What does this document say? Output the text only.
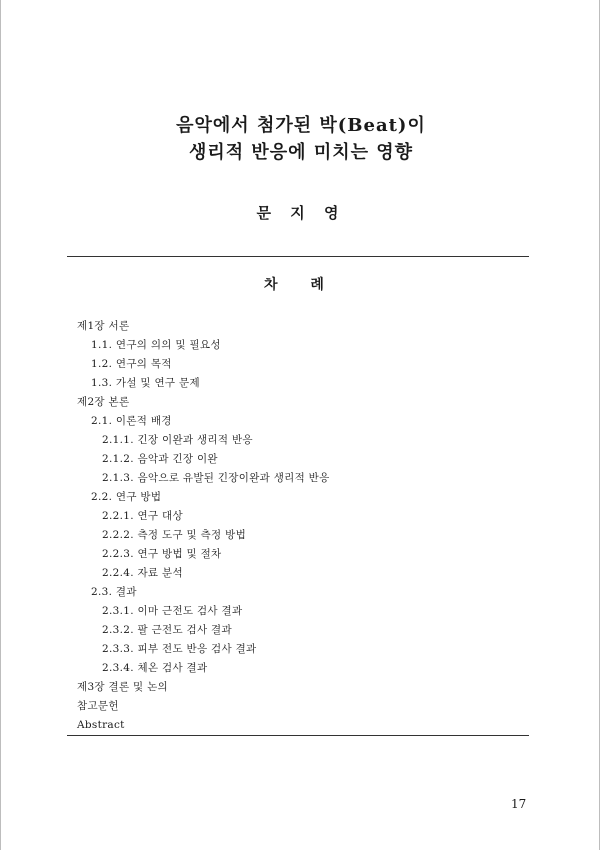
음악에서 첨가된 박(Beat)이
생리적 반응에 미치는 영향
문 지 영
차 례
제1장 서론
1.1. 연구의 의의 및 필요성
1.2. 연구의 목적
1.3. 가설 및 연구 문제
제2장 본론
2.1. 이론적 배경
2.1.1. 긴장 이완과 생리적 반응
2.1.2. 음악과 긴장 이완
2.1.3. 음악으로 유발된 긴장이완과 생리적 반응
2.2. 연구 방법
2.2.1. 연구 대상
2.2.2. 측정 도구 및 측정 방법
2.2.3. 연구 방법 및 절차
2.2.4. 자료 분석
2.3. 결과
2.3.1. 이마 근전도 검사 결과
2.3.2. 팔 근전도 검사 결과
2.3.3. 피부 전도 반응 검사 결과
2.3.4. 체온 검사 결과
제3장 결론 및 논의
참고문헌
Abstract
17
